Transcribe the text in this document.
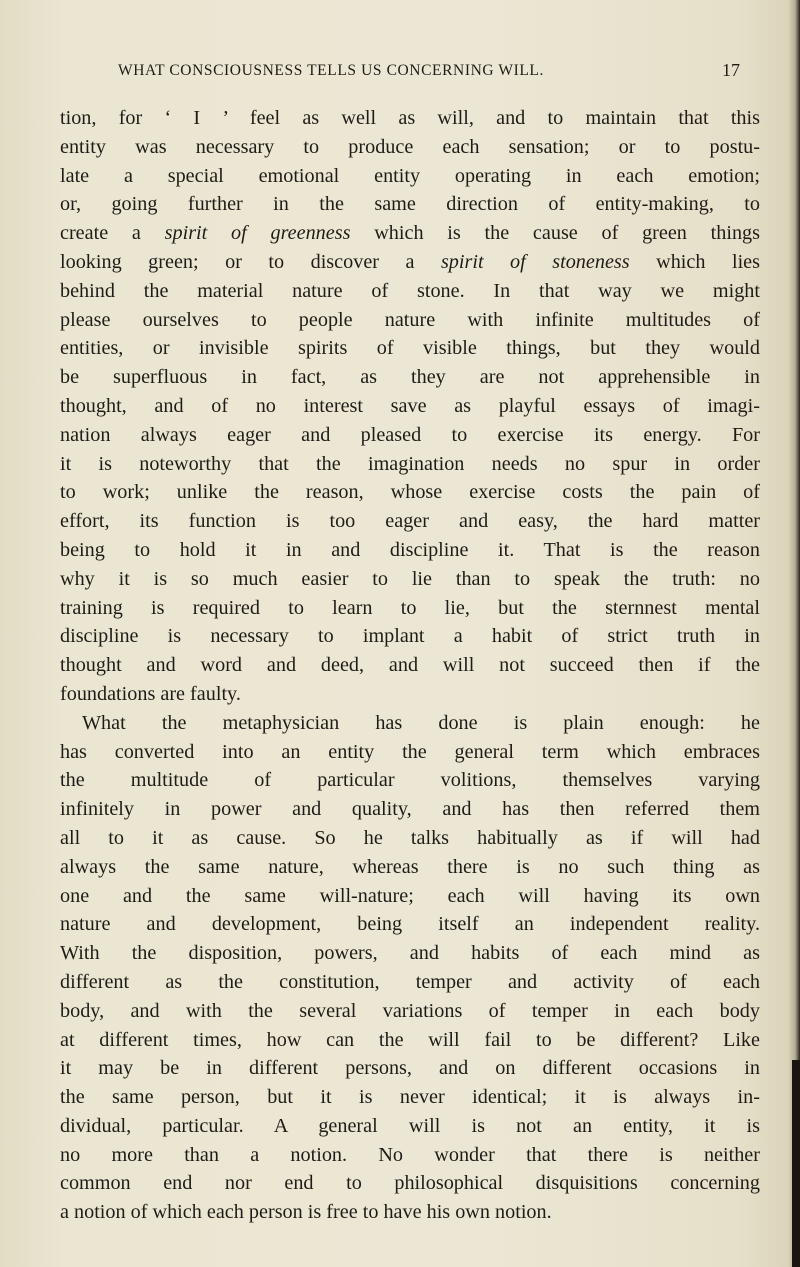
WHAT CONSCIOUSNESS TELLS US CONCERNING WILL.	17

tion, for ‘ I ’ feel as well as will, and to maintain that this
entity was necessary to produce each sensation; or to postu-
late a special emotional entity operating in each emotion;
or, going further in the same direction of entity-making, to
create a spirit of greenness which is the cause of green things
looking green; or to discover a spirit of stoneness which lies
behind the material nature of stone. In that way we might
please ourselves to people nature with infinite multitudes of
entities, or invisible spirits of visible things, but they would
be superfluous in fact, as they are not apprehensible in
thought, and of no interest save as playful essays of imagi-
nation always eager and pleased to exercise its energy. For
it is noteworthy that the imagination needs no spur in order
to work; unlike the reason, whose exercise costs the pain of
effort, its function is too eager and easy, the hard matter
being to hold it in and discipline it. That is the reason
why it is so much easier to lie than to speak the truth: no
training is required to learn to lie, but the sternnest mental
discipline is necessary to implant a habit of strict truth in
thought and word and deed, and will not succeed then if the
foundations are faulty.

What the metaphysician has done is plain enough: he
has converted into an entity the general term which embraces
the multitude of particular volitions, themselves varying
infinitely in power and quality, and has then referred them
all to it as cause. So he talks habitually as if will had
always the same nature, whereas there is no such thing as
one and the same will-nature; each will having its own
nature and development, being itself an independent reality.
With the disposition, powers, and habits of each mind as
different as the constitution, temper and activity of each
body, and with the several variations of temper in each body
at different times, how can the will fail to be different? Like
it may be in different persons, and on different occasions in
the same person, but it is never identical; it is always in-
dividual, particular. A general will is not an entity, it is
no more than a notion. No wonder that there is neither
common end nor end to philosophical disquisitions concerning
a notion of which each person is free to have his own notion.
